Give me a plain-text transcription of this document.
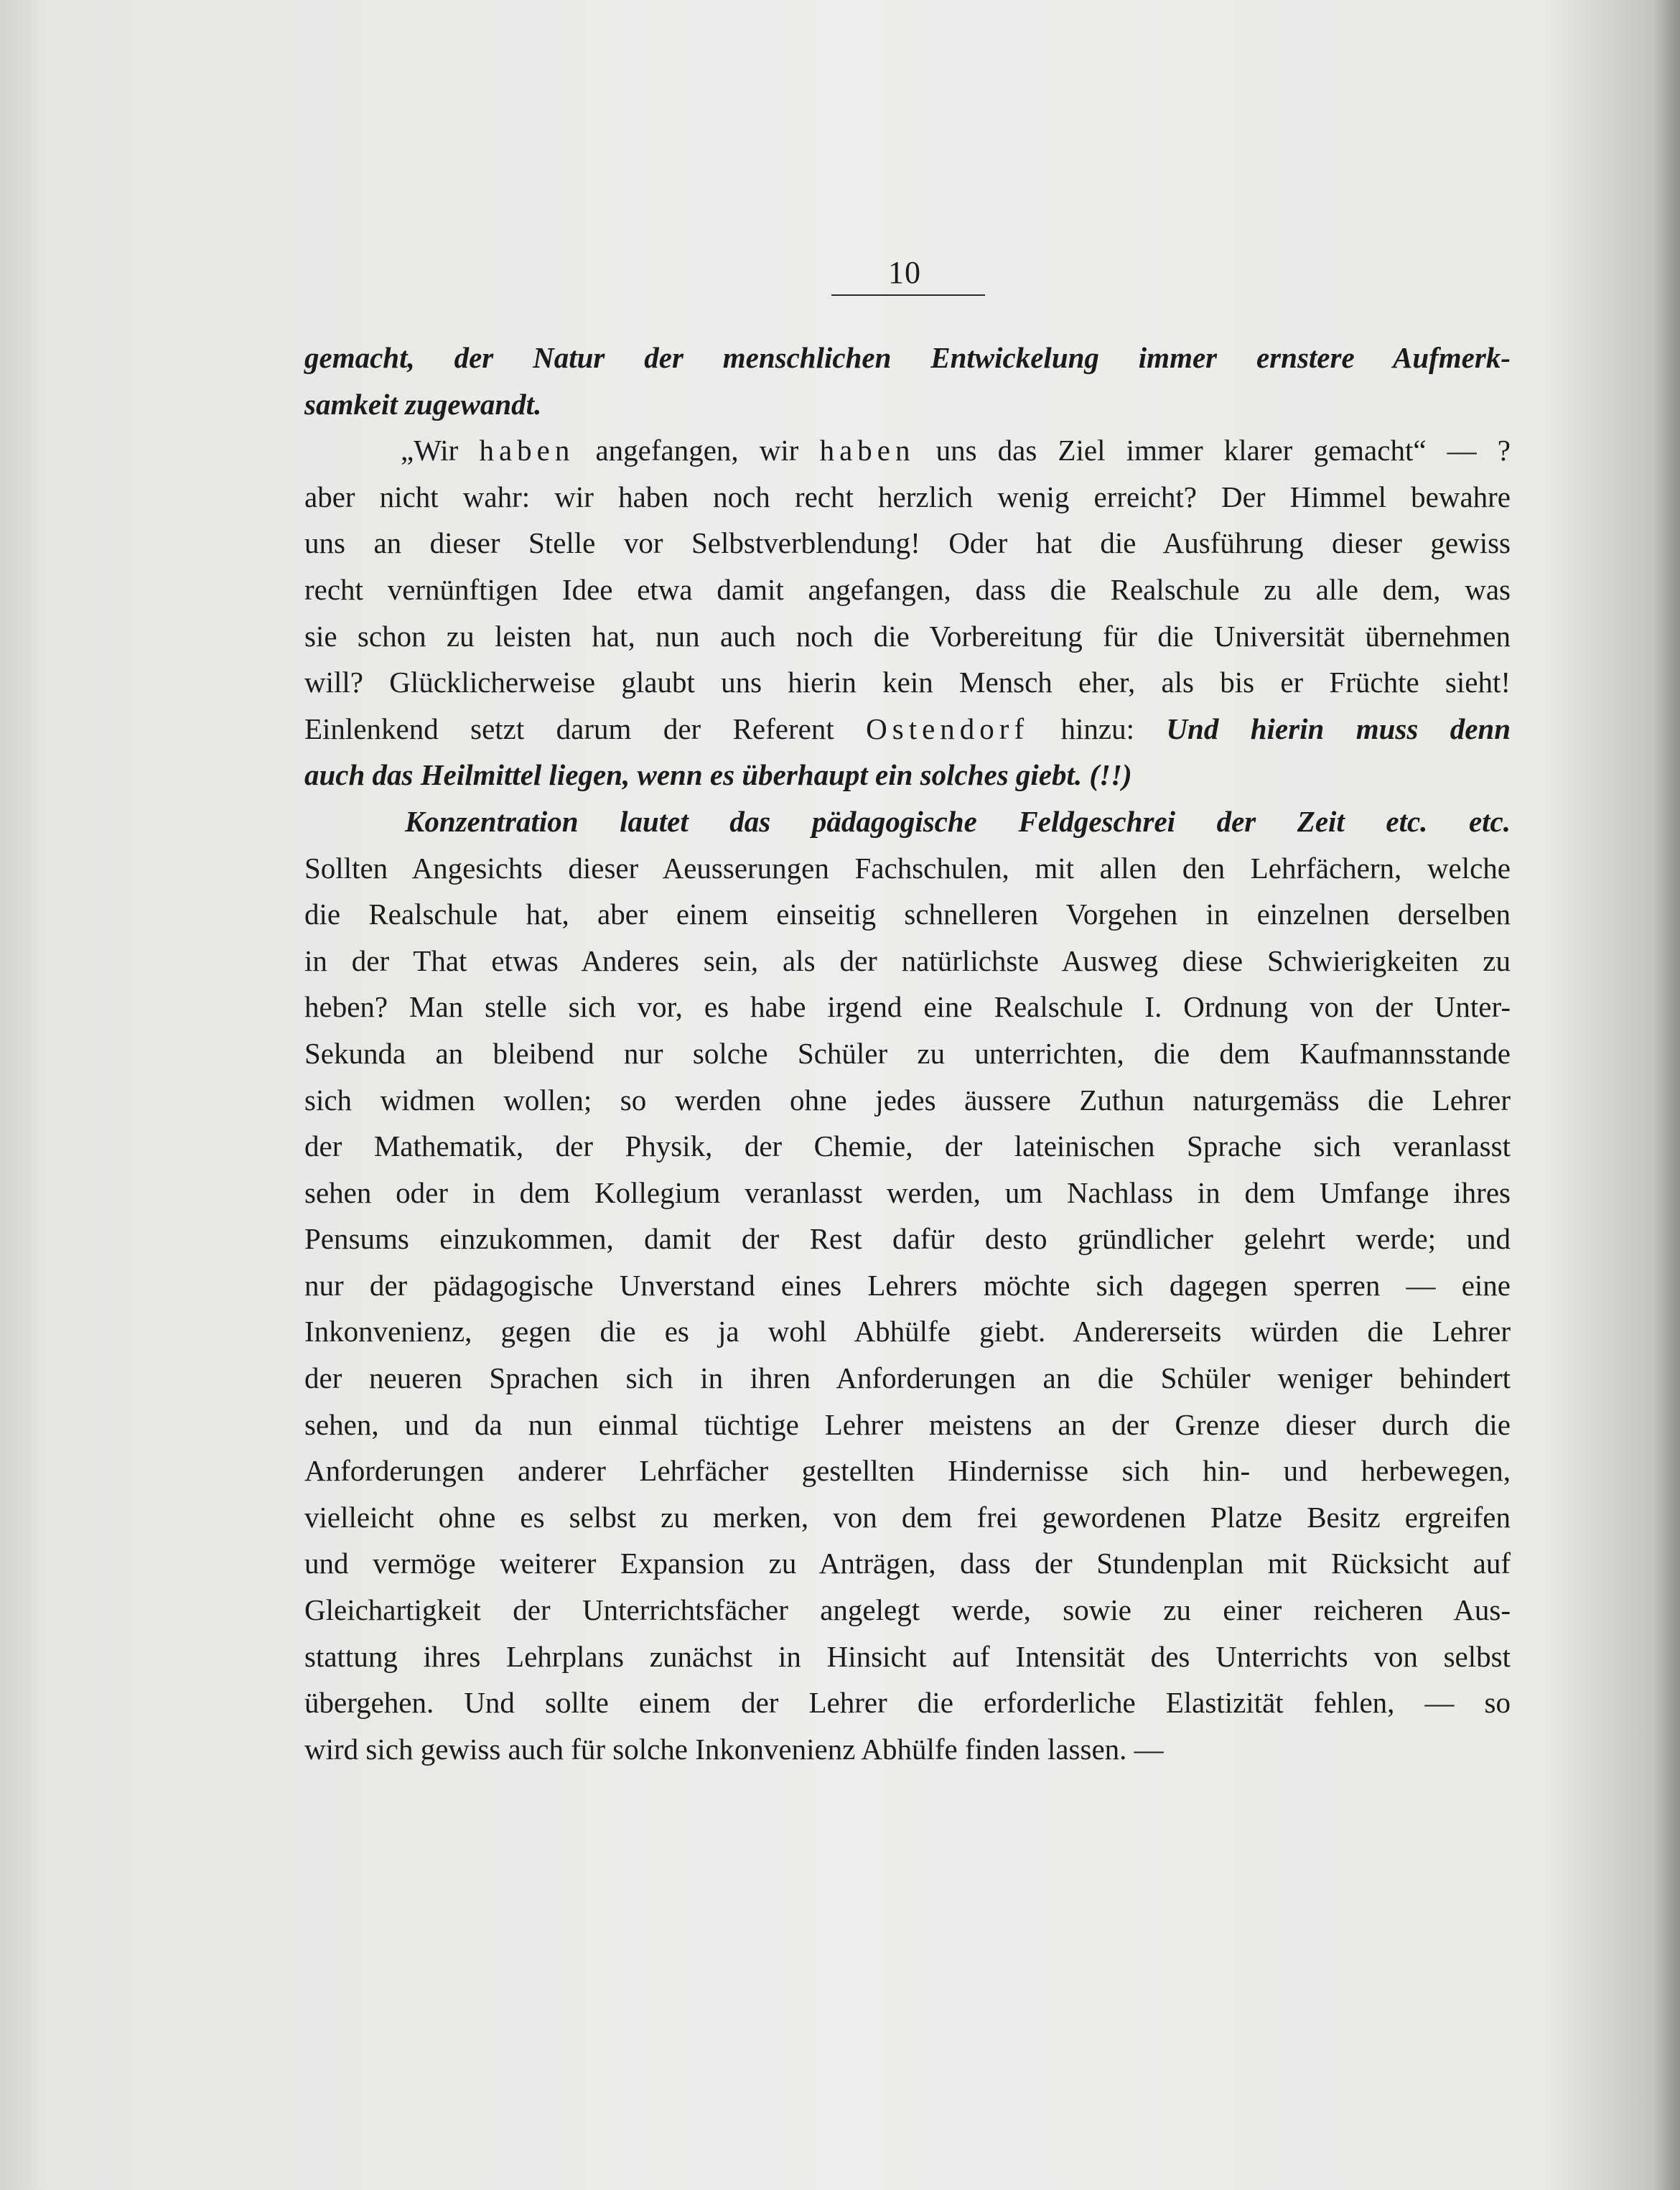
10
gemacht, der Natur der menschlichen Entwickelung immer ernstere Aufmerk-
samkeit zugewandt.
„Wir haben angefangen, wir haben uns das Ziel immer klarer gemacht“ — ?
aber nicht wahr: wir haben noch recht herzlich wenig erreicht? Der Himmel bewahre
uns an dieser Stelle vor Selbstverblendung! Oder hat die Ausführung dieser gewiss
recht vernünftigen Idee etwa damit angefangen, dass die Realschule zu alle dem, was
sie schon zu leisten hat, nun auch noch die Vorbereitung für die Universität übernehmen
will? Glücklicherweise glaubt uns hierin kein Mensch eher, als bis er Früchte sieht!
Einlenkend setzt darum der Referent Ostendorf hinzu: Und hierin muss denn
auch das Heilmittel liegen, wenn es überhaupt ein solches giebt. (!!)
Konzentration lautet das pädagogische Feldgeschrei der Zeit etc. etc.
Sollten Angesichts dieser Aeusserungen Fachschulen, mit allen den Lehrfächern, welche
die Realschule hat, aber einem einseitig schnelleren Vorgehen in einzelnen derselben
in der That etwas Anderes sein, als der natürlichste Ausweg diese Schwierigkeiten zu
heben? Man stelle sich vor, es habe irgend eine Realschule I. Ordnung von der Unter-
Sekunda an bleibend nur solche Schüler zu unterrichten, die dem Kaufmannsstande
sich widmen wollen; so werden ohne jedes äussere Zuthun naturgemäss die Lehrer
der Mathematik, der Physik, der Chemie, der lateinischen Sprache sich veranlasst
sehen oder in dem Kollegium veranlasst werden, um Nachlass in dem Umfange ihres
Pensums einzukommen, damit der Rest dafür desto gründlicher gelehrt werde; und
nur der pädagogische Unverstand eines Lehrers möchte sich dagegen sperren — eine
Inkonvenienz, gegen die es ja wohl Abhülfe giebt. Andererseits würden die Lehrer
der neueren Sprachen sich in ihren Anforderungen an die Schüler weniger behindert
sehen, und da nun einmal tüchtige Lehrer meistens an der Grenze dieser durch die
Anforderungen anderer Lehrfächer gestellten Hindernisse sich hin- und herbewegen,
vielleicht ohne es selbst zu merken, von dem frei gewordenen Platze Besitz ergreifen
und vermöge weiterer Expansion zu Anträgen, dass der Stundenplan mit Rücksicht auf
Gleichartigkeit der Unterrichtsfächer angelegt werde, sowie zu einer reicheren Aus-
stattung ihres Lehrplans zunächst in Hinsicht auf Intensität des Unterrichts von selbst
übergehen. Und sollte einem der Lehrer die erforderliche Elastizität fehlen, — so
wird sich gewiss auch für solche Inkonvenienz Abhülfe finden lassen. —
